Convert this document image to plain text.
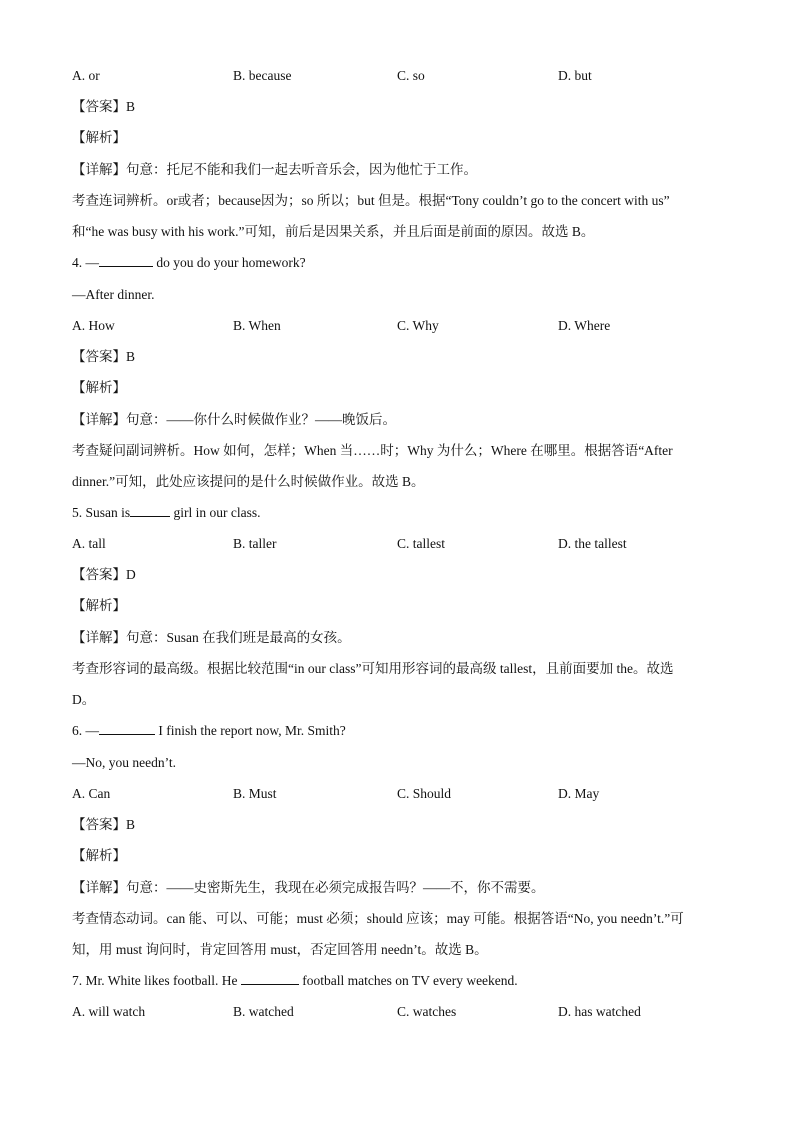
A. or	B. because	C. so	D. but
【答案】B
【解析】
【详解】句意：托尼不能和我们一起去听音乐会，因为他忙于工作。
考查连词辨析。or或者；because因为；so 所以；but 但是。根据“Tony couldn’t go to the concert with us”
和“he was busy with his work.”可知，前后是因果关系，并且后面是前面的原因。故选 B。
4. —	do you do your homework?
—After dinner.
A. How	B. When	C. Why	D. Where
【答案】B
【解析】
【详解】句意：——你什么时候做作业？——晚饭后。
考查疑问副词辨析。How 如何，怎样；When 当……时；Why 为什么；Where 在哪里。根据答语“After
dinner.”可知，此处应该提问的是什么时候做作业。故选 B。
5. Susan is	girl in our class.
A. tall	B. taller	C. tallest	D. the tallest
【答案】D
【解析】
【详解】句意：Susan 在我们班是最高的女孩。
考查形容词的最高级。根据比较范围“in our class”可知用形容词的最高级 tallest，且前面要加 the。故选
D。
6. —	I finish the report now, Mr. Smith?
—No, you needn’t.
A. Can	B. Must	C. Should	D. May
【答案】B
【解析】
【详解】句意：——史密斯先生，我现在必须完成报告吗？——不，你不需要。
考查情态动词。can 能、可以、可能；must 必须；should 应该；may 可能。根据答语“No, you needn’t.”可
知，用 must 询问时，肯定回答用 must，否定回答用 needn’t。故选 B。
7. Mr. White likes football. He	football matches on TV every weekend.
A. will watch	B. watched	C. watches	D. has watched
